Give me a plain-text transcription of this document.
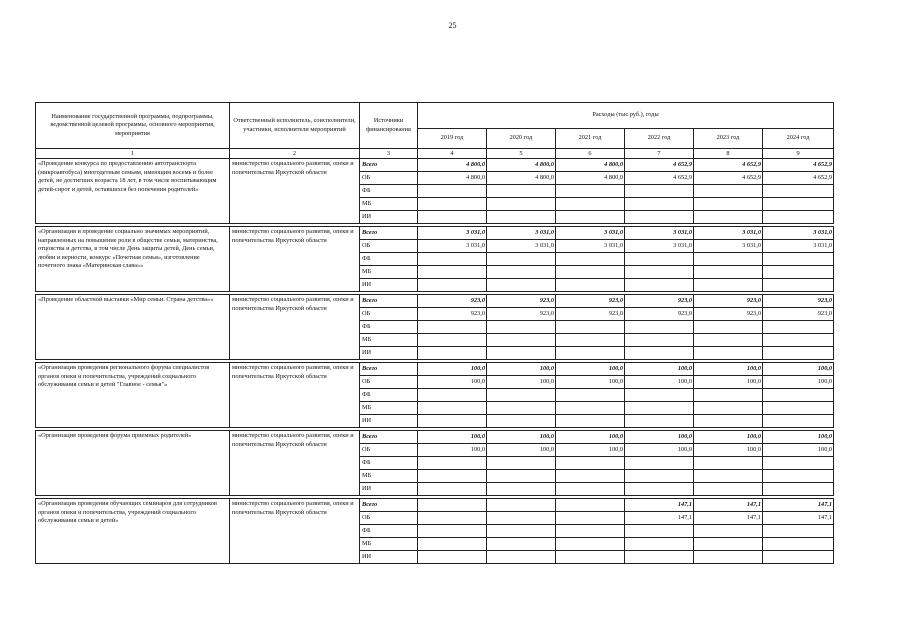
25
Наименование государственной программы, подпрограммы, ведомственной целевой программы, основного мероприятия, мероприятия	Ответственный исполнитель, соисполнители, участники, исполнители мероприятий	Источники финансирования	Расходы (тыс.руб.), годы					
			2019 год	2020 год	2021 год	2022 год	2023 год	2024 год
1	2	3	4	5	6	7	8	9
«Проведение конкурса по предоставлению автотранспорта (микроавтобуса) многодетным семьям, имеющим восемь и более детей, не достигших возраста 18 лет, в том числе воспитывающим детей-сирот и детей, оставшихся без попечения родителей»	министерство социального развития, опеки и попечительства Иркутской области	Всего	4 800,0	4 800,0	4 800,0	4 652,9	4 652,9	4 652,9
		ОБ	4 800,0	4 800,0	4 800,0	4 652,9	4 652,9	4 652,9
		ФБ						
		МБ						
		ИИ						

«Организация и проведение социально значимых мероприятий, направленных на повышение роли в обществе семьи, материнства, отцовства и детства, в том числе День защиты детей, День семьи, любви и верности, конкурс «Почетная семья», изготовление почетного знака «Материнская слава»»	министерство социального развития, опеки и попечительства Иркутской области	Всего	3 031,0	3 031,0	3 031,0	3 031,0	3 031,0	3 031,0
		ОБ	3 031,0	3 031,0	3 031,0	3 031,0	3 031,0	3 031,0
		ФБ						
		МБ						
		ИИ						

«Проведение областной выставки «Мир семьи. Страна детства»»	министерство социального развития, опеки и попечительства Иркутской области	Всего	923,0	923,0	923,0	923,0	923,0	923,0
		ОБ	923,0	923,0	923,0	923,0	923,0	923,0
		ФБ						
		МБ						
		ИИ						

«Организация проведения регионального форума специалистов органов опеки и попечительства, учреждений социального обслуживания семьи и детей "Главное - семья"»	министерство социального развития, опеки и попечительства Иркутской области	Всего	100,0	100,0	100,0	100,0	100,0	100,0
		ОБ	100,0	100,0	100,0	100,0	100,0	100,0
		ФБ						
		МБ						
		ИИ						

«Организация проведения форума приемных родителей»	министерство социального развития, опеки и попечительства Иркутской области	Всего	100,0	100,0	100,0	100,0	100,0	100,0
		ОБ	100,0	100,0	100,0	100,0	100,0	100,0
		ФБ						
		МБ						
		ИИ						

«Организация проведения обучающих семинаров для сотрудников органов опеки и попечительства, учреждений социального обслуживания семьи и детей»	министерство социального развития, опеки и попечительства Иркутской области	Всего				147,1	147,1	147,1
		ОБ				147,1	147,1	147,1
		ФБ						
		МБ						
		ИИ						
